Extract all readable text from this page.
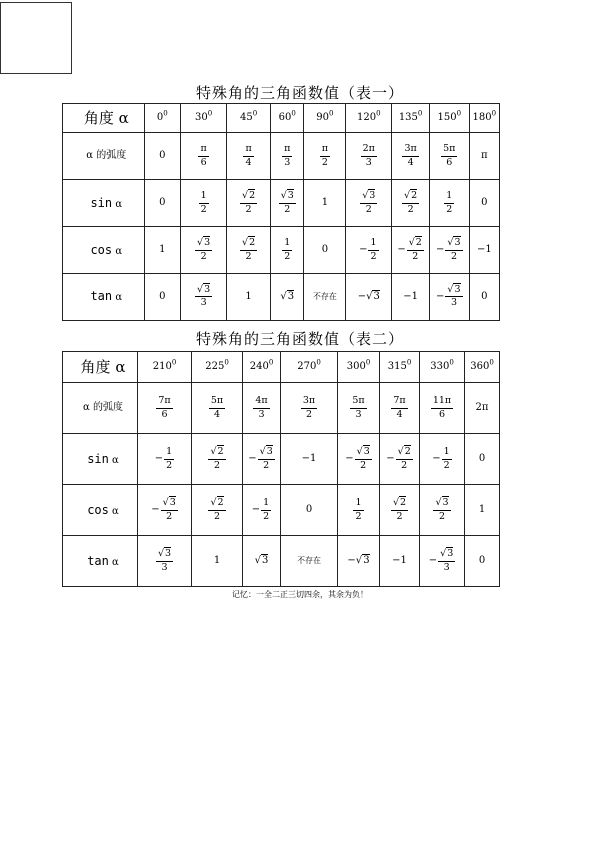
特殊角的三角函数值（表一）
角度 α	$0^0$	$30^0$	$45^0$	$60^0$	$90^0$	$120^0$	$135^0$	$150^0$	$180^0$
α 的弧度	0	$\frac{\pi}{6}$	$\frac{\pi}{4}$	$\frac{\pi}{3}$	$\frac{\pi}{2}$	$\frac{2\pi}{3}$	$\frac{3\pi}{4}$	$\frac{5\pi}{6}$	π
sin α	0	$\frac{1}{2}$	$\frac{√2}{2}$	$\frac{√3}{2}$	1	$\frac{√3}{2}$	$\frac{√2}{2}$	$\frac{1}{2}$	0
cos α	1	$\frac{√3}{2}$	$\frac{√2}{2}$	$\frac{1}{2}$	0	− $\frac{1}{2}$	− $\frac{√2}{2}$	− $\frac{√3}{2}$	−1
tan α	0	$\frac{√3}{3}$	1	√3	不存在	−√3	−1	− $\frac{√3}{3}$	0
特殊角的三角函数值（表二）
角度 α	$210^0$	$225^0$	$240^0$	$270^0$	$300^0$	$315^0$	$330^0$	$360^0$
α 的弧度	$\frac{7\pi}{6}$	$\frac{5\pi}{4}$	$\frac{4\pi}{3}$	$\frac{3\pi}{2}$	$\frac{5\pi}{3}$	$\frac{7\pi}{4}$	$\frac{11\pi}{6}$	2π
sin α	− $\frac{1}{2}$	$\frac{√2}{2}$	− $\frac{√3}{2}$	−1	− $\frac{√3}{2}$	− $\frac{√2}{2}$	− $\frac{1}{2}$	0
cos α	− $\frac{√3}{2}$	$\frac{√2}{2}$	− $\frac{1}{2}$	0	$\frac{1}{2}$	$\frac{√2}{2}$	$\frac{√3}{2}$	1
tan α	$\frac{√3}{3}$	1	√3	不存在	−√3	−1	− $\frac{√3}{3}$	0
记忆：一全二正三切四余，其余为负！
